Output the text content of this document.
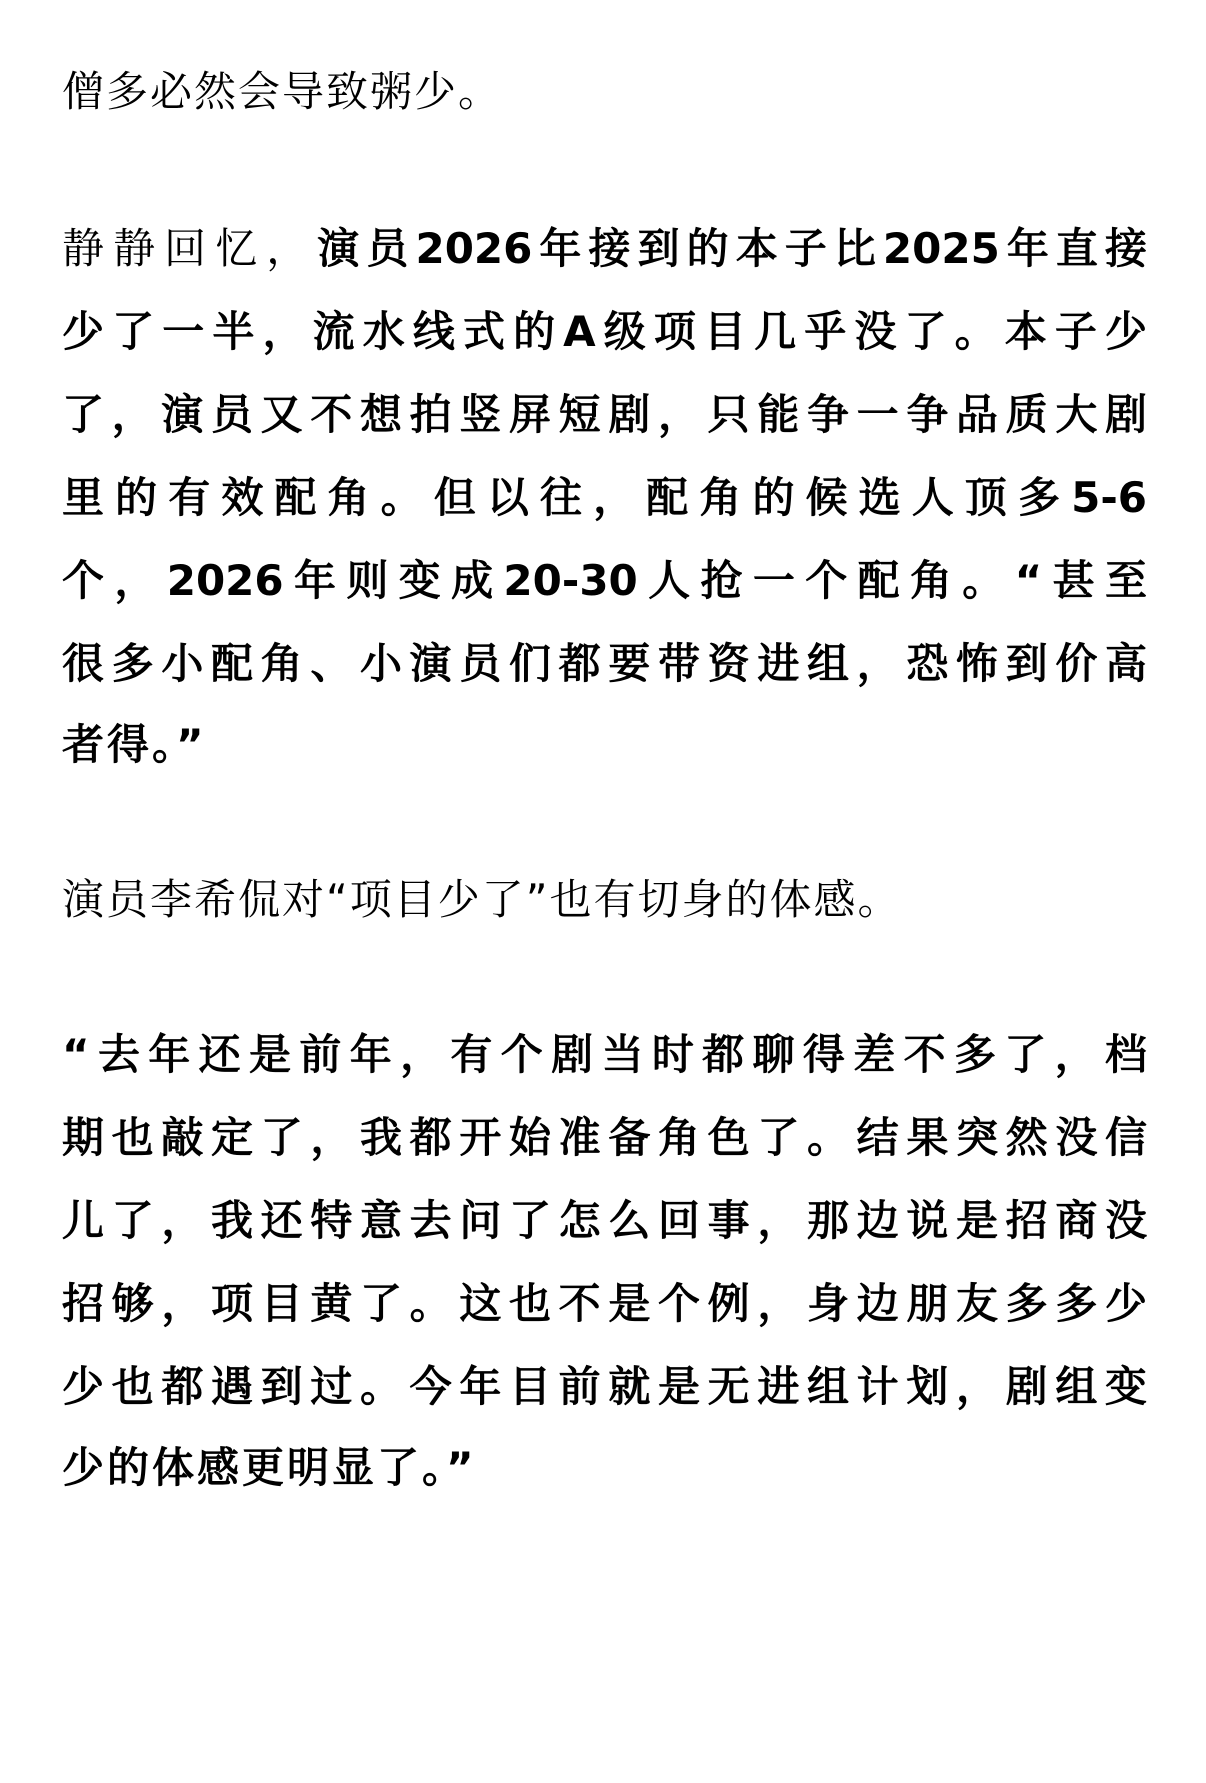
僧多必然会导致粥少。

静静回忆，演员2026年接到的本子比2025年直接

少了一半，流水线式的A级项目几乎没了。本子少

了，演员又不想拍竖屏短剧，只能争一争品质大剧

里的有效配角。但以往，配角的候选人顶多5-6

个，2026年则变成20-30人抢一个配角。“甚至

很多小配角、小演员们都要带资进组，恐怖到价高

者得。”

演员李希侃对“项目少了”也有切身的体感。

“去年还是前年，有个剧当时都聊得差不多了，档

期也敲定了，我都开始准备角色了。结果突然没信

儿了，我还特意去问了怎么回事，那边说是招商没

招够，项目黄了。这也不是个例，身边朋友多多少

少也都遇到过。今年目前就是无进组计划，剧组变

少的体感更明显了。”
